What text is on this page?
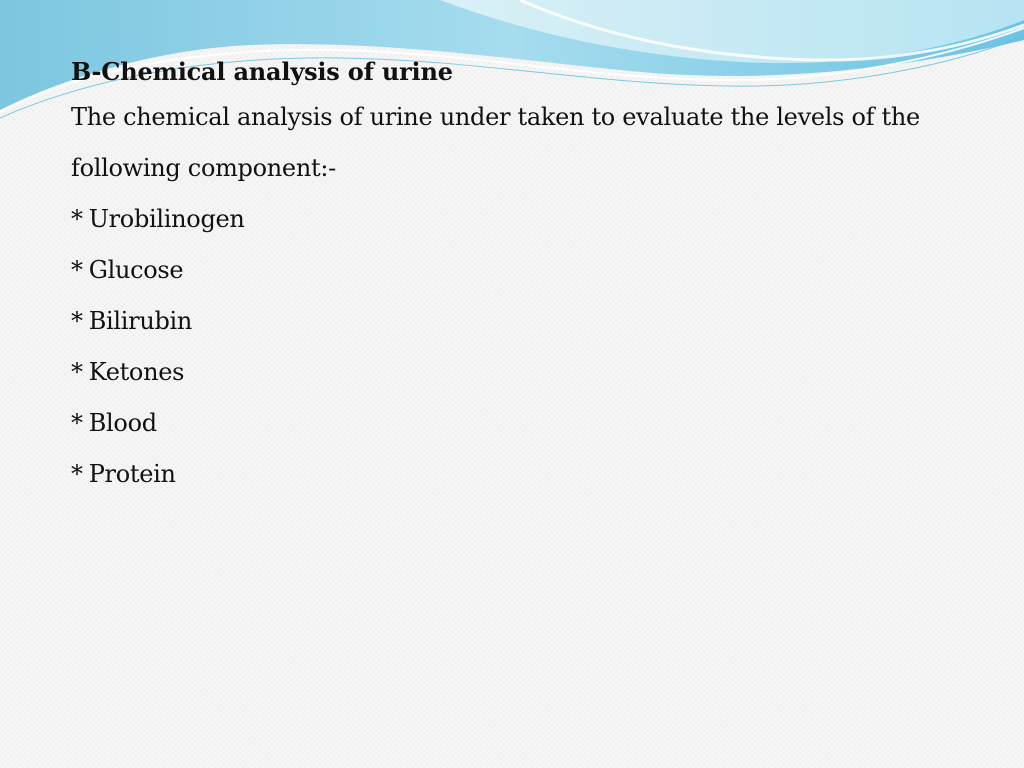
B-Chemical analysis of urine

The chemical analysis of urine under taken to evaluate the levels of the

following component:-

* Urobilinogen
* Glucose
* Bilirubin
* Ketones
* Blood
* Protein
